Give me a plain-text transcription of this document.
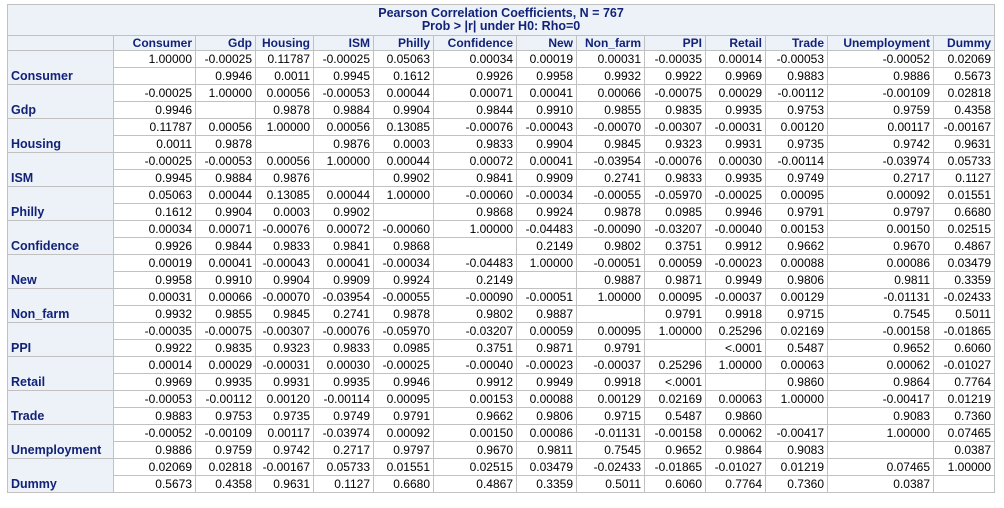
Pearson Correlation Coefficients, N = 767
Prob > |r| under H0: Rho=0													

	Consumer	Gdp	Housing	ISM	Philly	Confidence	New	Non_farm	PPI	Retail	Trade	Unemployment	Dummy
Consumer	1.00000	-0.00025	0.11787	-0.00025	0.05063	0.00034	0.00019	0.00031	-0.00035	0.00014	-0.00053	-0.00052	0.02069
		0.9946	0.0011	0.9945	0.1612	0.9926	0.9958	0.9932	0.9922	0.9969	0.9883	0.9886	0.5673
Gdp	-0.00025	1.00000	0.00056	-0.00053	0.00044	0.00071	0.00041	0.00066	-0.00075	0.00029	-0.00112	-0.00109	0.02818
	0.9946		0.9878	0.9884	0.9904	0.9844	0.9910	0.9855	0.9835	0.9935	0.9753	0.9759	0.4358
Housing	0.11787	0.00056	1.00000	0.00056	0.13085	-0.00076	-0.00043	-0.00070	-0.00307	-0.00031	0.00120	0.00117	-0.00167
	0.0011	0.9878		0.9876	0.0003	0.9833	0.9904	0.9845	0.9323	0.9931	0.9735	0.9742	0.9631
ISM	-0.00025	-0.00053	0.00056	1.00000	0.00044	0.00072	0.00041	-0.03954	-0.00076	0.00030	-0.00114	-0.03974	0.05733
	0.9945	0.9884	0.9876		0.9902	0.9841	0.9909	0.2741	0.9833	0.9935	0.9749	0.2717	0.1127
Philly	0.05063	0.00044	0.13085	0.00044	1.00000	-0.00060	-0.00034	-0.00055	-0.05970	-0.00025	0.00095	0.00092	0.01551
	0.1612	0.9904	0.0003	0.9902		0.9868	0.9924	0.9878	0.0985	0.9946	0.9791	0.9797	0.6680
Confidence	0.00034	0.00071	-0.00076	0.00072	-0.00060	1.00000	-0.04483	-0.00090	-0.03207	-0.00040	0.00153	0.00150	0.02515
	0.9926	0.9844	0.9833	0.9841	0.9868		0.2149	0.9802	0.3751	0.9912	0.9662	0.9670	0.4867
New	0.00019	0.00041	-0.00043	0.00041	-0.00034	-0.04483	1.00000	-0.00051	0.00059	-0.00023	0.00088	0.00086	0.03479
	0.9958	0.9910	0.9904	0.9909	0.9924	0.2149		0.9887	0.9871	0.9949	0.9806	0.9811	0.3359
Non_farm	0.00031	0.00066	-0.00070	-0.03954	-0.00055	-0.00090	-0.00051	1.00000	0.00095	-0.00037	0.00129	-0.01131	-0.02433
	0.9932	0.9855	0.9845	0.2741	0.9878	0.9802	0.9887		0.9791	0.9918	0.9715	0.7545	0.5011
PPI	-0.00035	-0.00075	-0.00307	-0.00076	-0.05970	-0.03207	0.00059	0.00095	1.00000	0.25296	0.02169	-0.00158	-0.01865
	0.9922	0.9835	0.9323	0.9833	0.0985	0.3751	0.9871	0.9791		<.0001	0.5487	0.9652	0.6060
Retail	0.00014	0.00029	-0.00031	0.00030	-0.00025	-0.00040	-0.00023	-0.00037	0.25296	1.00000	0.00063	0.00062	-0.01027
	0.9969	0.9935	0.9931	0.9935	0.9946	0.9912	0.9949	0.9918	<.0001		0.9860	0.9864	0.7764
Trade	-0.00053	-0.00112	0.00120	-0.00114	0.00095	0.00153	0.00088	0.00129	0.02169	0.00063	1.00000	-0.00417	0.01219
	0.9883	0.9753	0.9735	0.9749	0.9791	0.9662	0.9806	0.9715	0.5487	0.9860		0.9083	0.7360
Unemployment	-0.00052	-0.00109	0.00117	-0.03974	0.00092	0.00150	0.00086	-0.01131	-0.00158	0.00062	-0.00417	1.00000	0.07465
	0.9886	0.9759	0.9742	0.2717	0.9797	0.9670	0.9811	0.7545	0.9652	0.9864	0.9083		0.0387
Dummy	0.02069	0.02818	-0.00167	0.05733	0.01551	0.02515	0.03479	-0.02433	-0.01865	-0.01027	0.01219	0.07465	1.00000
	0.5673	0.4358	0.9631	0.1127	0.6680	0.4867	0.3359	0.5011	0.6060	0.7764	0.7360	0.0387	
